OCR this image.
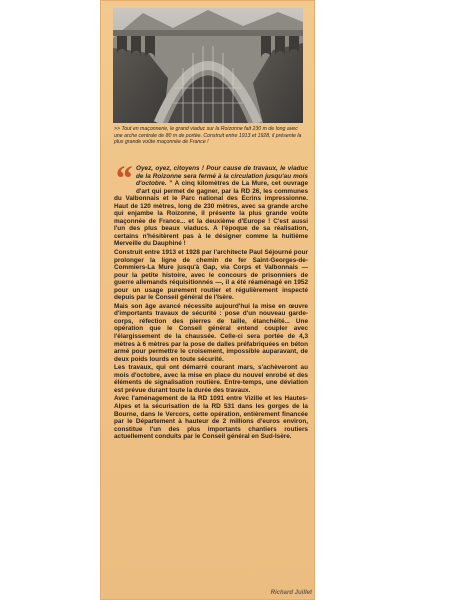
>> Tout en maçonnerie, le grand viaduc sur la Roizonne fait 230 m de long avec une arche centrale de 80 m de portée. Construit entre 1913 et 1928, il présente la plus grande voûte maçonnée de France !

“ Oyez, oyez, citoyens ! Pour cause de travaux, le viaduc de la Roizonne sera fermé à la circulation jusqu'au mois d'octobre. ” A cinq kilomètres de La Mure, cet ouvrage d'art qui permet de gagner, par la RD 26, les communes du Valbonnais et le Parc national des Ecrins impressionne. Haut de 120 mètres, long de 230 mètres, avec sa grande arche qui enjambe la Roizonne, il présente la plus grande voûte maçonnée de France... et la deuxième d'Europe ! C'est aussi l'un des plus beaux viaducs. A l'époque de sa réalisation, certains n'hésitèrent pas à le désigner comme la huitième Merveille du Dauphiné !

Construit entre 1913 et 1928 par l'architecte Paul Séjourné pour prolonger la ligne de chemin de fer Saint-Georges-de-Commiers-La Mure jusqu'à Gap, via Corps et Valbonnais — pour la petite histoire, avec le concours de prisonniers de guerre allemands réquisitionnés —, il a été réaménagé en 1952 pour un usage purement routier et régulièrement inspecté depuis par le Conseil général de l'Isère.

Mais son âge avancé nécessite aujourd'hui la mise en œuvre d'importants travaux de sécurité : pose d'un nouveau garde-corps, réfection des pierres de taille, étanchéité... Une opération que le Conseil général entend coupler avec l'élargissement de la chaussée. Celle-ci sera portée de 4,3 mètres à 6 mètres par la pose de dalles préfabriquées en béton armé pour permettre le croisement, impossible auparavant, de deux poids lourds en toute sécurité.

Les travaux, qui ont démarré courant mars, s'achèveront au mois d'octobre, avec la mise en place du nouvel enrobé et des éléments de signalisation routière. Entre-temps, une déviation est prévue durant toute la durée des travaux.

Avec l'aménagement de la RD 1091 entre Vizille et les Hautes-Alpes et la sécurisation de la RD 531 dans les gorges de la Bourne, dans le Vercors, cette opération, entièrement financée par le Département à hauteur de 2 millions d'euros environ, constitue l'un des plus importants chantiers routiers actuellement conduits par le Conseil général en Sud-Isère.

Richard Juillet
